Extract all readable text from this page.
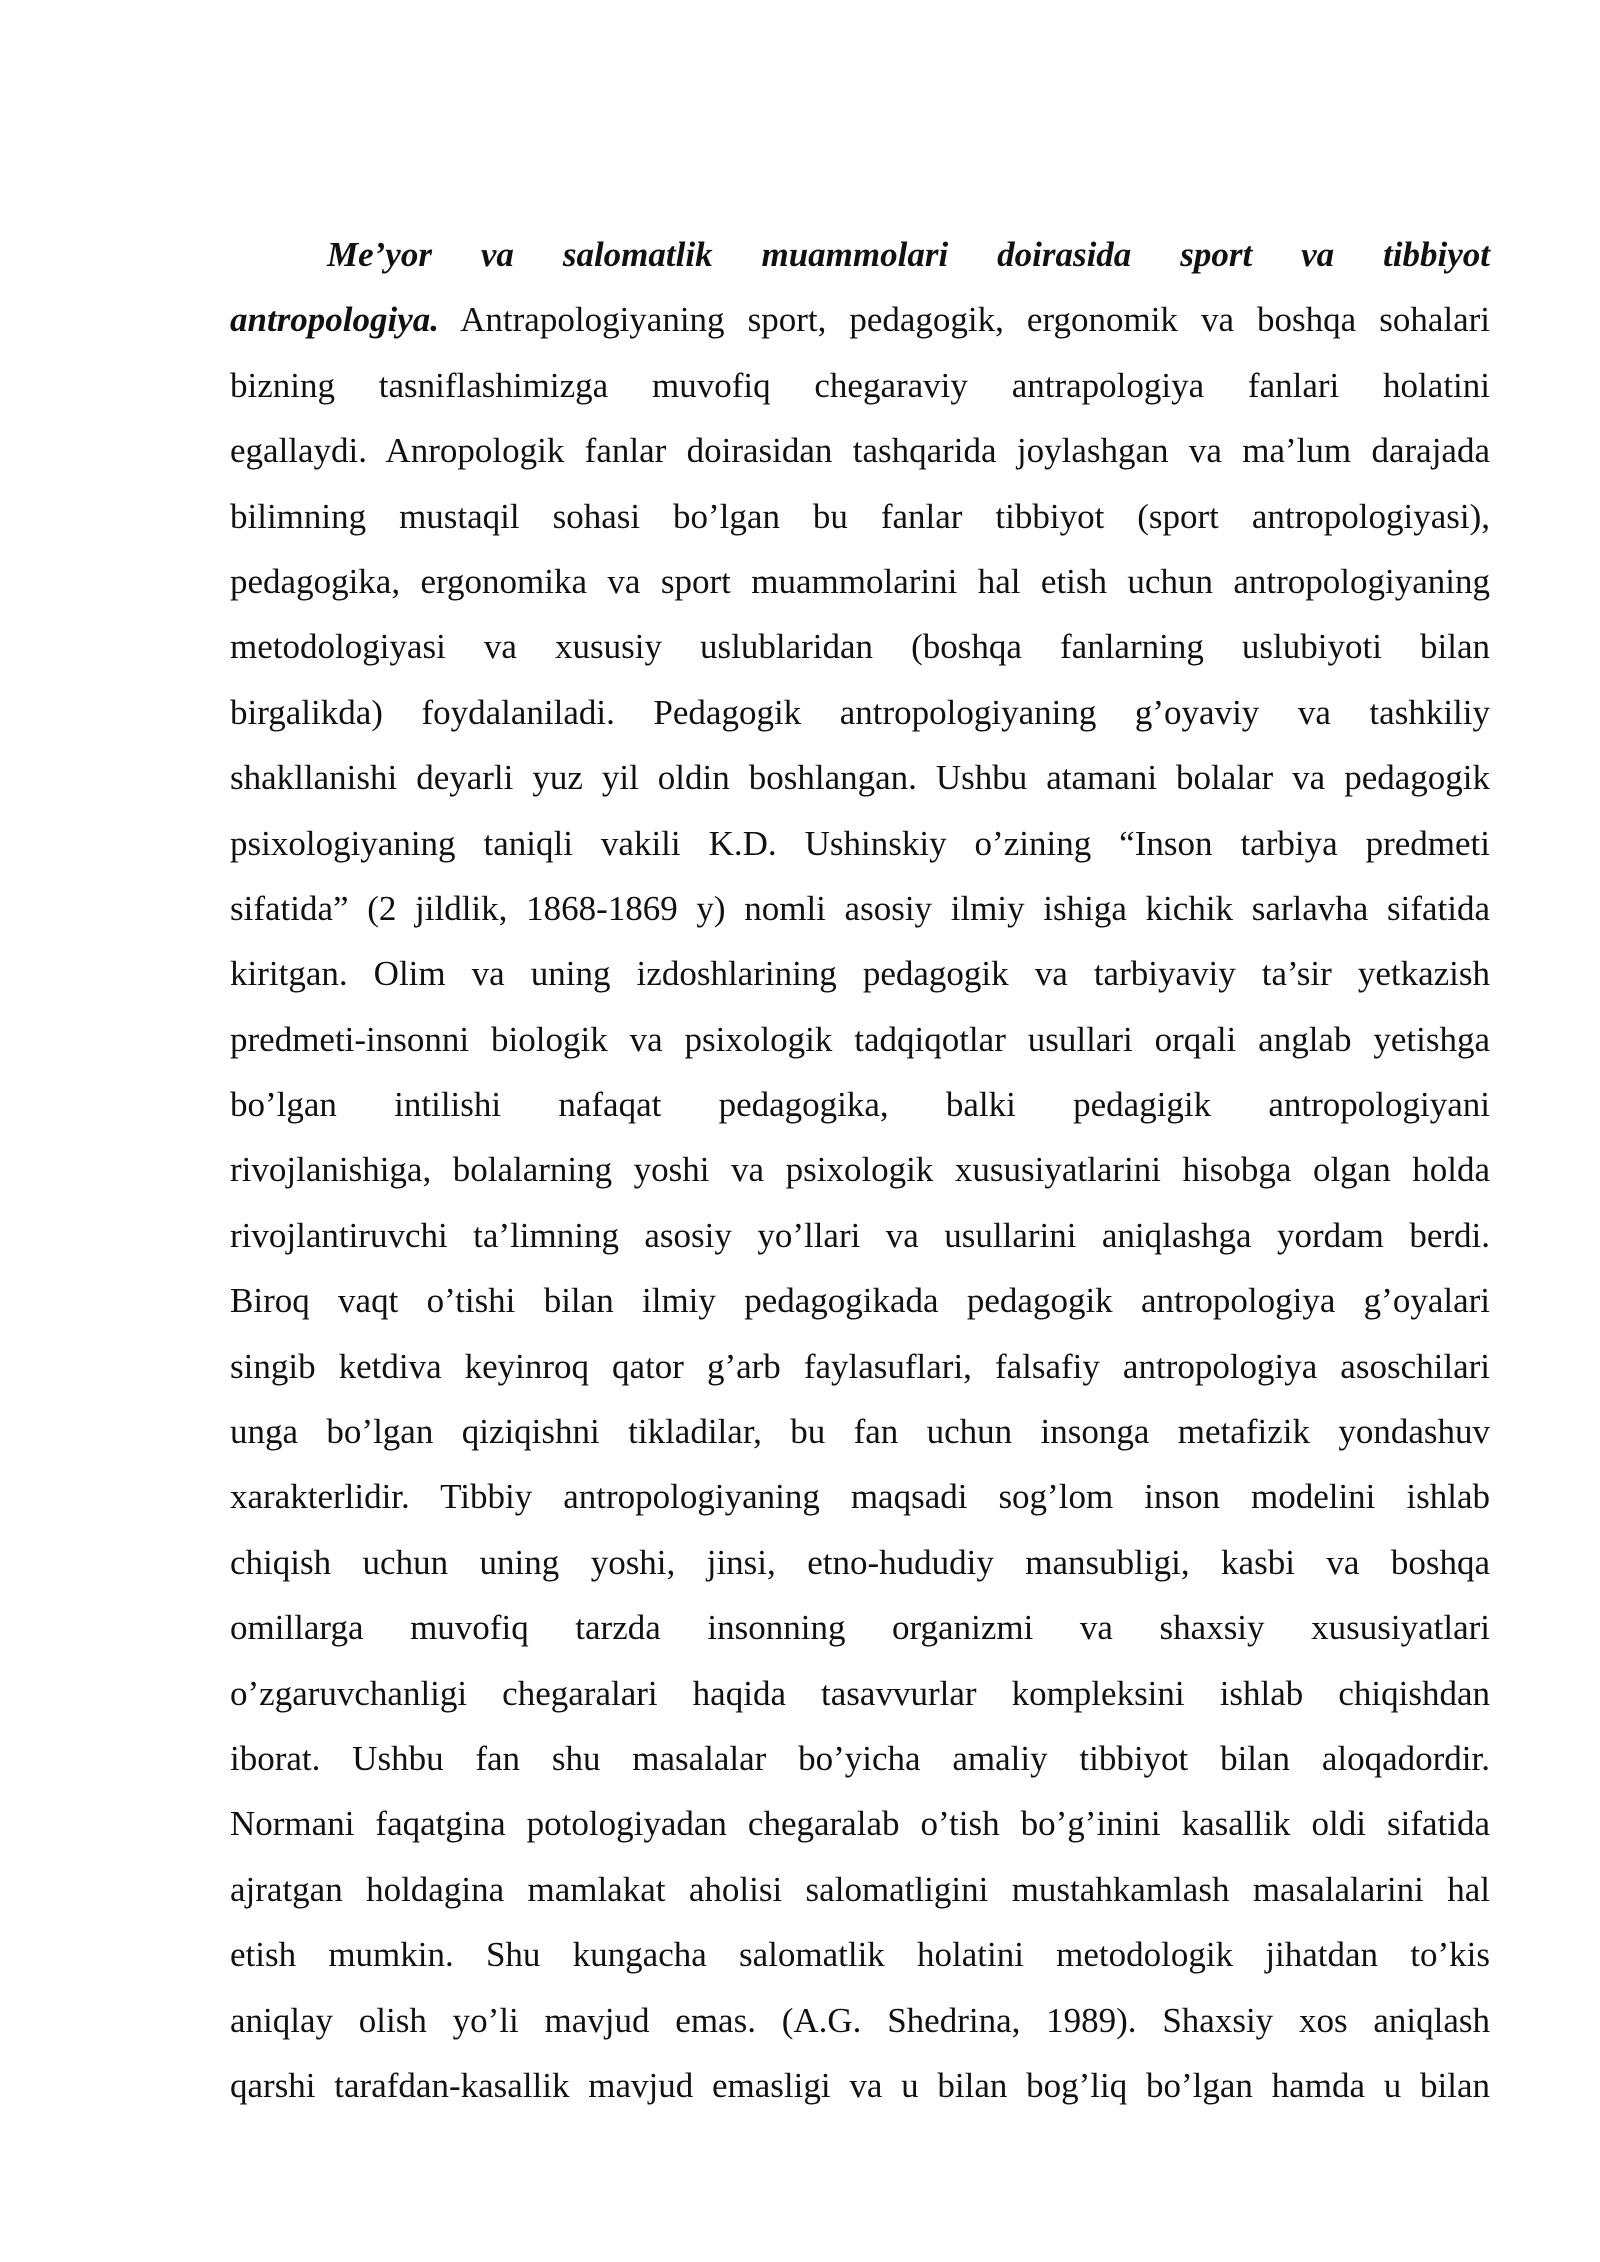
Me’yor va salomatlik muammolari doirasida sport va tibbiyot
antropologiya. Antrapologiyaning sport, pedagogik, ergonomik va boshqa sohalari
bizning tasniflashimizga muvofiq chegaraviy antrapologiya fanlari holatini
egallaydi. Anropologik fanlar doirasidan tashqarida joylashgan va ma’lum darajada
bilimning mustaqil sohasi bo’lgan bu fanlar tibbiyot (sport antropologiyasi),
pedagogika, ergonomika va sport muammolarini hal etish uchun antropologiyaning
metodologiyasi va xususiy uslublaridan (boshqa fanlarning uslubiyoti bilan
birgalikda) foydalaniladi. Pedagogik antropologiyaning g’oyaviy va tashkiliy
shakllanishi deyarli yuz yil oldin boshlangan. Ushbu atamani bolalar va pedagogik
psixologiyaning taniqli vakili K.D. Ushinskiy o’zining “Inson tarbiya predmeti
sifatida” (2 jildlik, 1868-1869 y) nomli asosiy ilmiy ishiga kichik sarlavha sifatida
kiritgan. Olim va uning izdoshlarining pedagogik va tarbiyaviy ta’sir yetkazish
predmeti-insonni biologik va psixologik tadqiqotlar usullari orqali anglab yetishga
bo’lgan intilishi nafaqat pedagogika, balki pedagigik antropologiyani
rivojlanishiga, bolalarning yoshi va psixologik xususiyatlarini hisobga olgan holda
rivojlantiruvchi ta’limning asosiy yo’llari va usullarini aniqlashga yordam berdi.
Biroq vaqt o’tishi bilan ilmiy pedagogikada pedagogik antropologiya g’oyalari
singib ketdiva keyinroq qator g’arb faylasuflari, falsafiy antropologiya asoschilari
unga bo’lgan qiziqishni tikladilar, bu fan uchun insonga metafizik yondashuv
xarakterlidir. Tibbiy antropologiyaning maqsadi sog’lom inson modelini ishlab
chiqish uchun uning yoshi, jinsi, etno-hududiy mansubligi, kasbi va boshqa
omillarga muvofiq tarzda insonning organizmi va shaxsiy xususiyatlari
o’zgaruvchanligi chegaralari haqida tasavvurlar kompleksini ishlab chiqishdan
iborat. Ushbu fan shu masalalar bo’yicha amaliy tibbiyot bilan aloqadordir.
Normani faqatgina potologiyadan chegaralab o’tish bo’g’inini kasallik oldi sifatida
ajratgan holdagina mamlakat aholisi salomatligini mustahkamlash masalalarini hal
etish mumkin. Shu kungacha salomatlik holatini metodologik jihatdan to’kis
aniqlay olish yo’li mavjud emas. (A.G. Shedrina, 1989). Shaxsiy xos aniqlash
qarshi tarafdan-kasallik mavjud emasligi va u bilan bog’liq bo’lgan hamda u bilan
